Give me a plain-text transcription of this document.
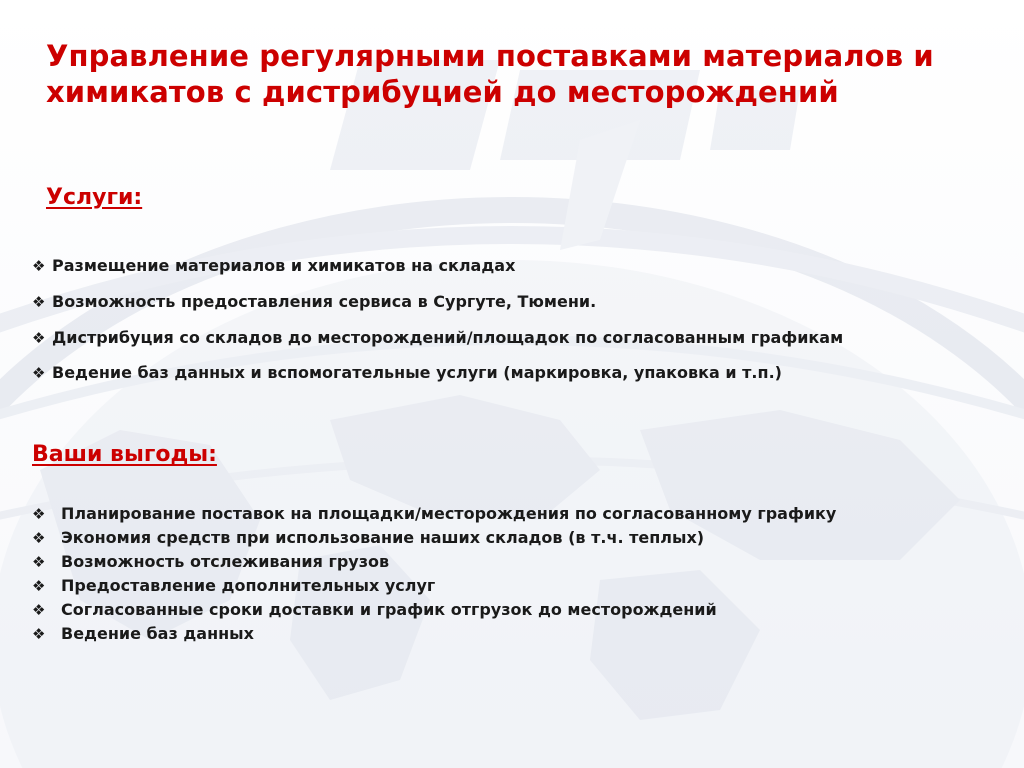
Управление регулярными поставками материалов и химикатов с дистрибуцией до месторождений
Услуги:
❖ Размещение материалов и химикатов на складах
❖ Возможность предоставления сервиса в Сургуте, Тюмени.
❖ Дистрибуция со складов до месторождений/площадок по согласованным графикам
❖ Ведение баз данных и вспомогательные услуги (маркировка, упаковка и т.п.)
Ваши выгоды:
❖ Планирование поставок на площадки/месторождения по согласованному графику
❖ Экономия средств при использование наших складов (в т.ч. теплых)
❖ Возможность отслеживания грузов
❖ Предоставление дополнительных услуг
❖ Согласованные сроки доставки и график отгрузок до месторождений
❖ Ведение баз данных
